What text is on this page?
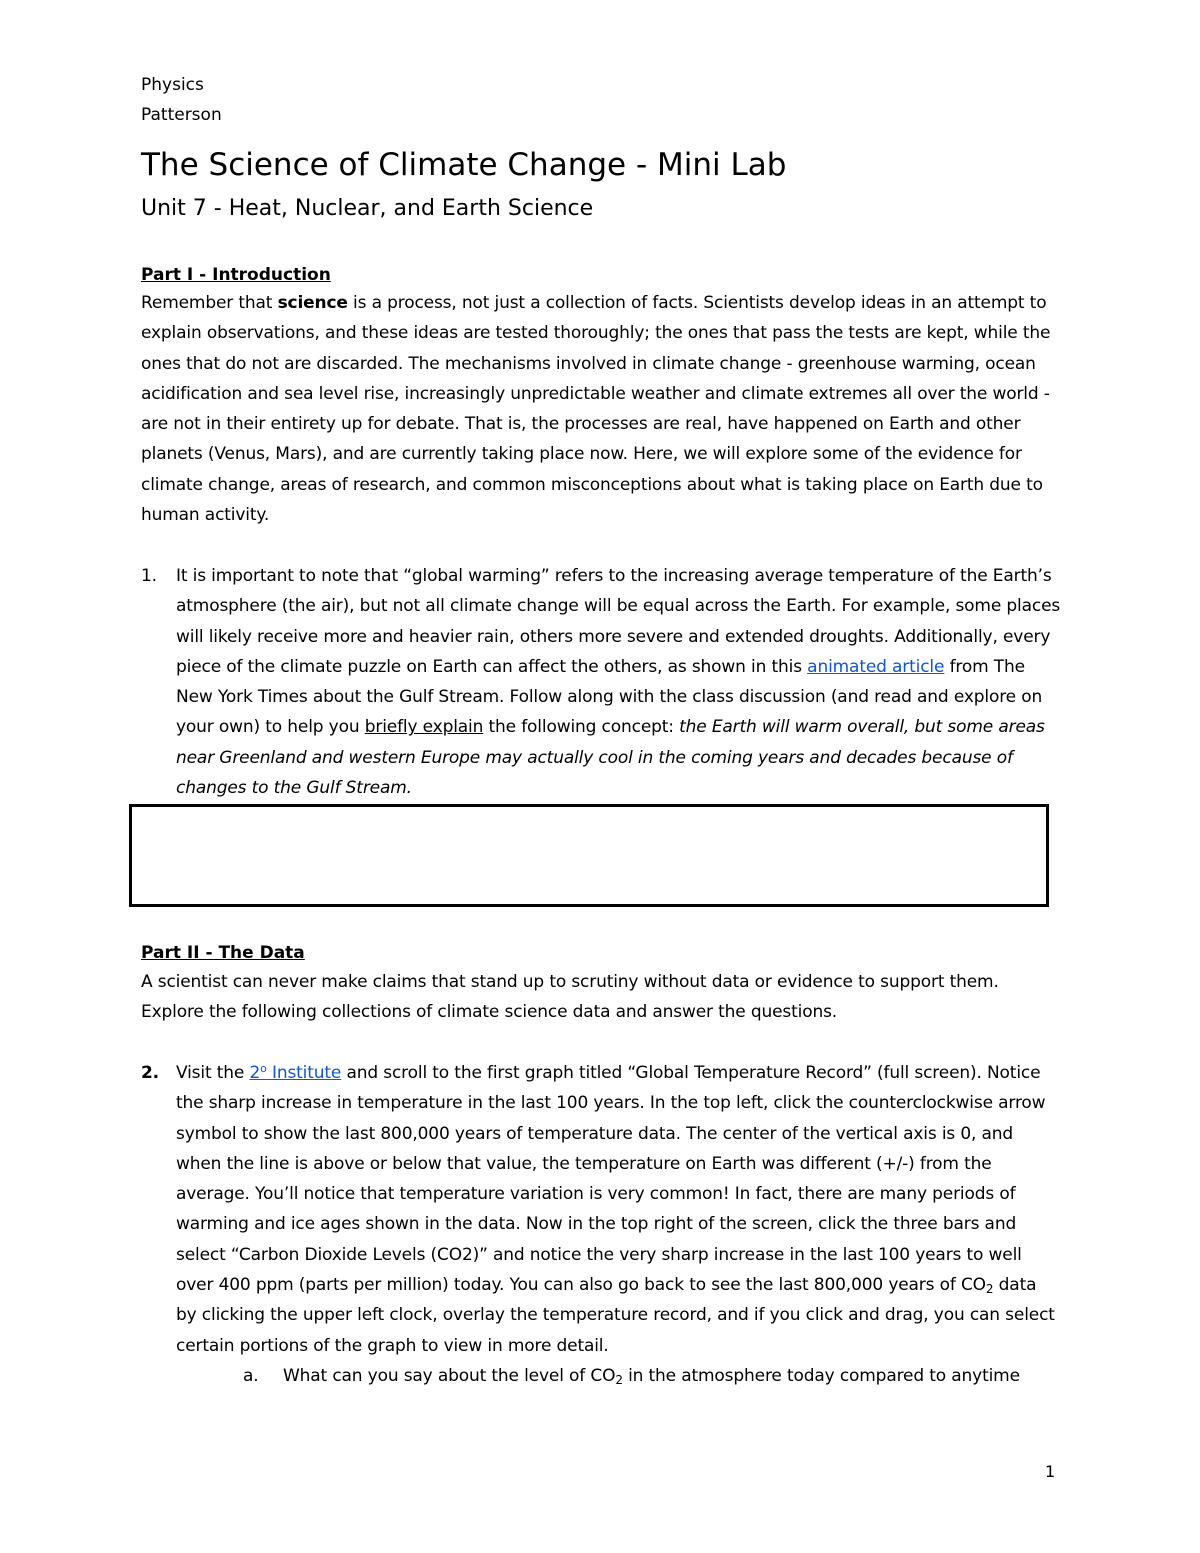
Physics
Patterson
The Science of Climate Change - Mini Lab
Unit 7 - Heat, Nuclear, and Earth Science
Part I - Introduction
Remember that science is a process, not just a collection of facts. Scientists develop ideas in an attempt to explain observations, and these ideas are tested thoroughly; the ones that pass the tests are kept, while the ones that do not are discarded. The mechanisms involved in climate change - greenhouse warming, ocean acidification and sea level rise, increasingly unpredictable weather and climate extremes all over the world - are not in their entirety up for debate. That is, the processes are real, have happened on Earth and other planets (Venus, Mars), and are currently taking place now. Here, we will explore some of the evidence for climate change, areas of research, and common misconceptions about what is taking place on Earth due to human activity.
1. It is important to note that “global warming” refers to the increasing average temperature of the Earth’s atmosphere (the air), but not all climate change will be equal across the Earth. For example, some places will likely receive more and heavier rain, others more severe and extended droughts. Additionally, every piece of the climate puzzle on Earth can affect the others, as shown in this animated article from The New York Times about the Gulf Stream. Follow along with the class discussion (and read and explore on your own) to help you briefly explain the following concept: the Earth will warm overall, but some areas near Greenland and western Europe may actually cool in the coming years and decades because of changes to the Gulf Stream.
Part II - The Data
A scientist can never make claims that stand up to scrutiny without data or evidence to support them. Explore the following collections of climate science data and answer the questions.
2. Visit the 2$^o$ Institute and scroll to the first graph titled “Global Temperature Record” (full screen). Notice the sharp increase in temperature in the last 100 years. In the top left, click the counterclockwise arrow symbol to show the last 800,000 years of temperature data. The center of the vertical axis is 0, and when the line is above or below that value, the temperature on Earth was different (+/-) from the average. You’ll notice that temperature variation is very common! In fact, there are many periods of warming and ice ages shown in the data. Now in the top right of the screen, click the three bars and select “Carbon Dioxide Levels (CO2)” and notice the very sharp increase in the last 100 years to well over 400 ppm (parts per million) today. You can also go back to see the last 800,000 years of $CO_2$ data by clicking the upper left clock, overlay the temperature record, and if you click and drag, you can select certain portions of the graph to view in more detail.
a. What can you say about the level of $CO_2$ in the atmosphere today compared to anytime
1
